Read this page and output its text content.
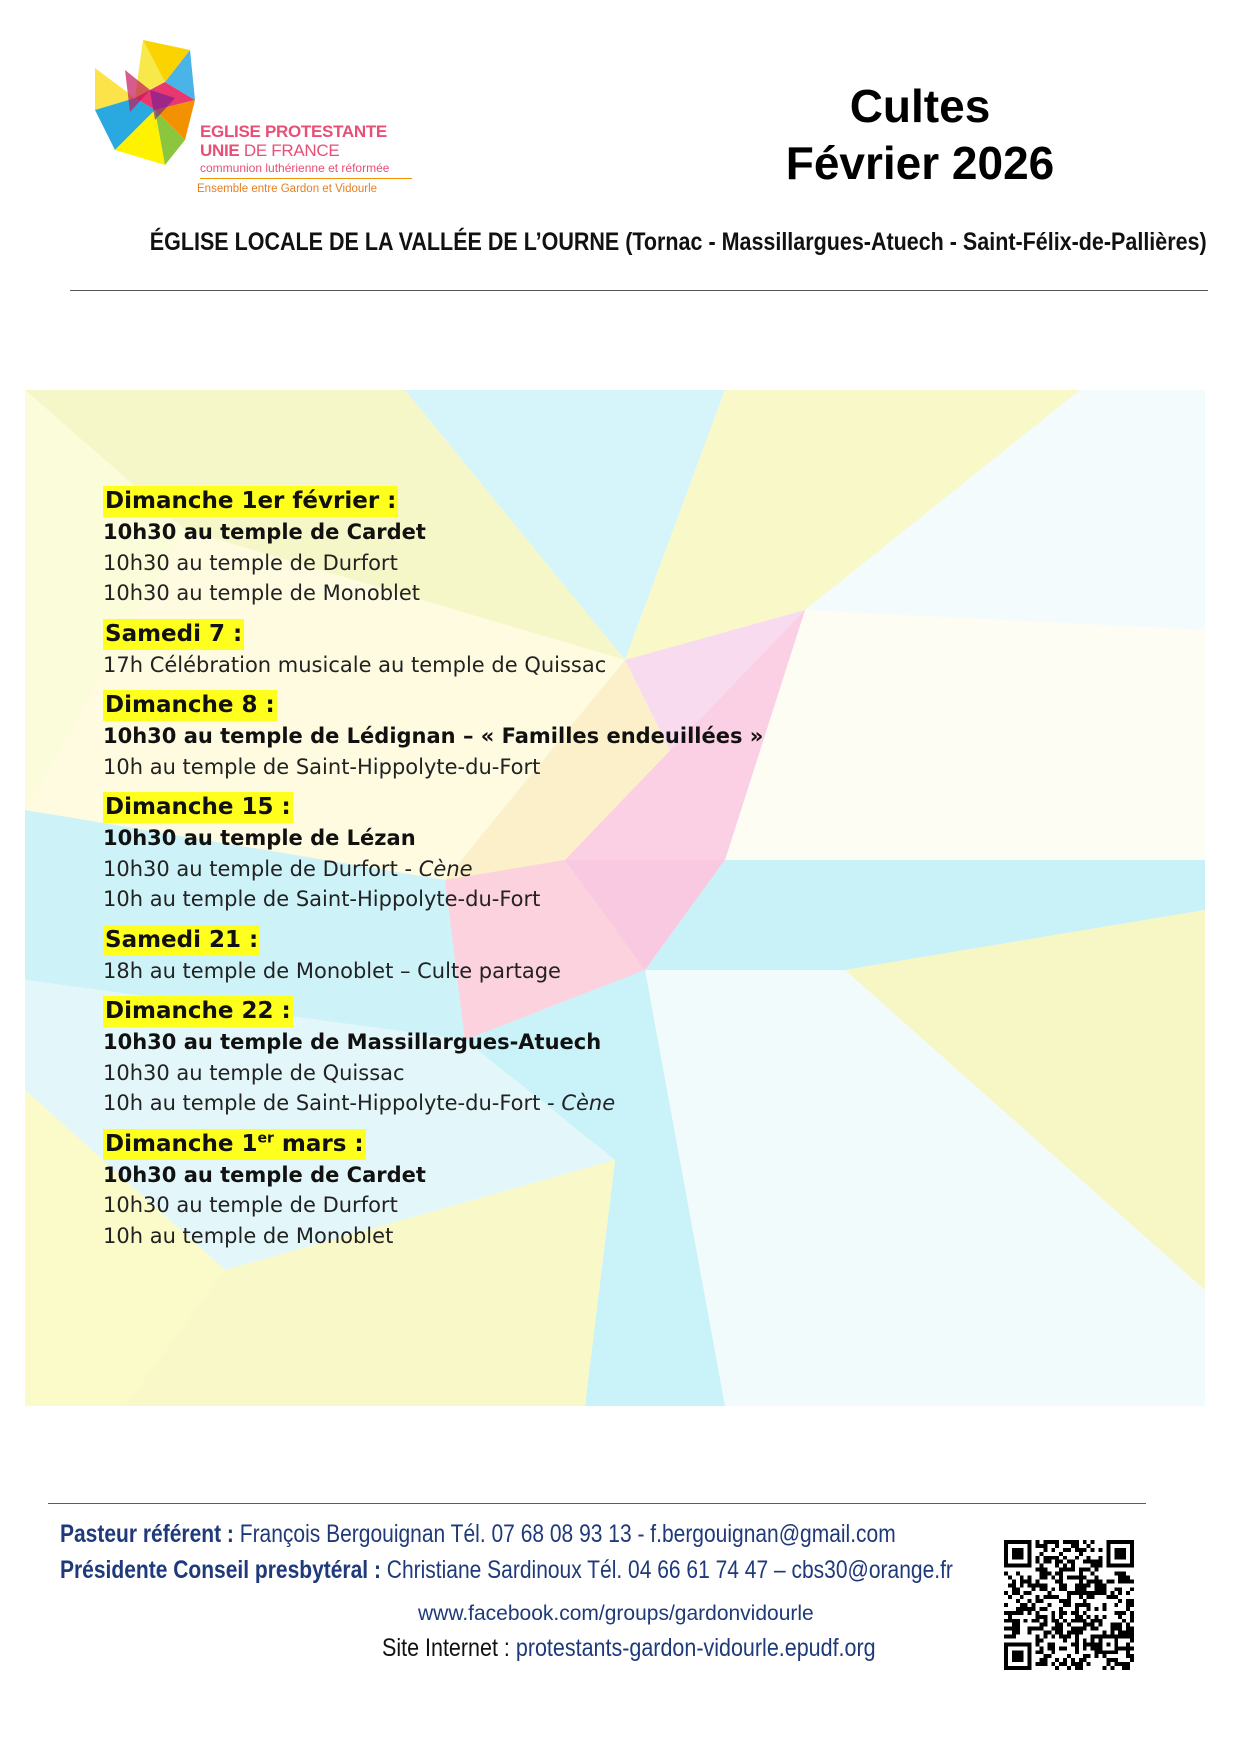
EGLISE PROTESTANTE
UNIE DE FRANCE
communion luthérienne et réformée
Ensemble entre Gardon et Vidourle
Cultes
Février 2026
ÉGLISE LOCALE DE LA VALLÉE DE L’OURNE (Tornac - Massillargues-Atuech - Saint-Félix-de-Pallières)
Dimanche 1er février :
10h30 au temple de Cardet
10h30 au temple de Durfort
10h30 au temple de Monoblet
Samedi 7 :
17h Célébration musicale au temple de Quissac
Dimanche 8 :
10h30 au temple de Lédignan – « Familles endeuillées »
10h au temple de Saint-Hippolyte-du-Fort
Dimanche 15 :
10h30 au temple de Lézan
10h30 au temple de Durfort - Cène
10h au temple de Saint-Hippolyte-du-Fort
Samedi 21 :
18h au temple de Monoblet – Culte partage
Dimanche 22 :
10h30 au temple de Massillargues-Atuech
10h30 au temple de Quissac
10h au temple de Saint-Hippolyte-du-Fort - Cène
Dimanche 1er mars :
10h30 au temple de Cardet
10h30 au temple de Durfort
10h au temple de Monoblet
Pasteur référent : François Bergouignan Tél. 07 68 08 93 13 - f.bergouignan@gmail.com
Présidente Conseil presbytéral : Christiane Sardinoux Tél. 04 66 61 74 47 – cbs30@orange.fr
www.facebook.com/groups/gardonvidourle
Site Internet : protestants-gardon-vidourle.epudf.org
